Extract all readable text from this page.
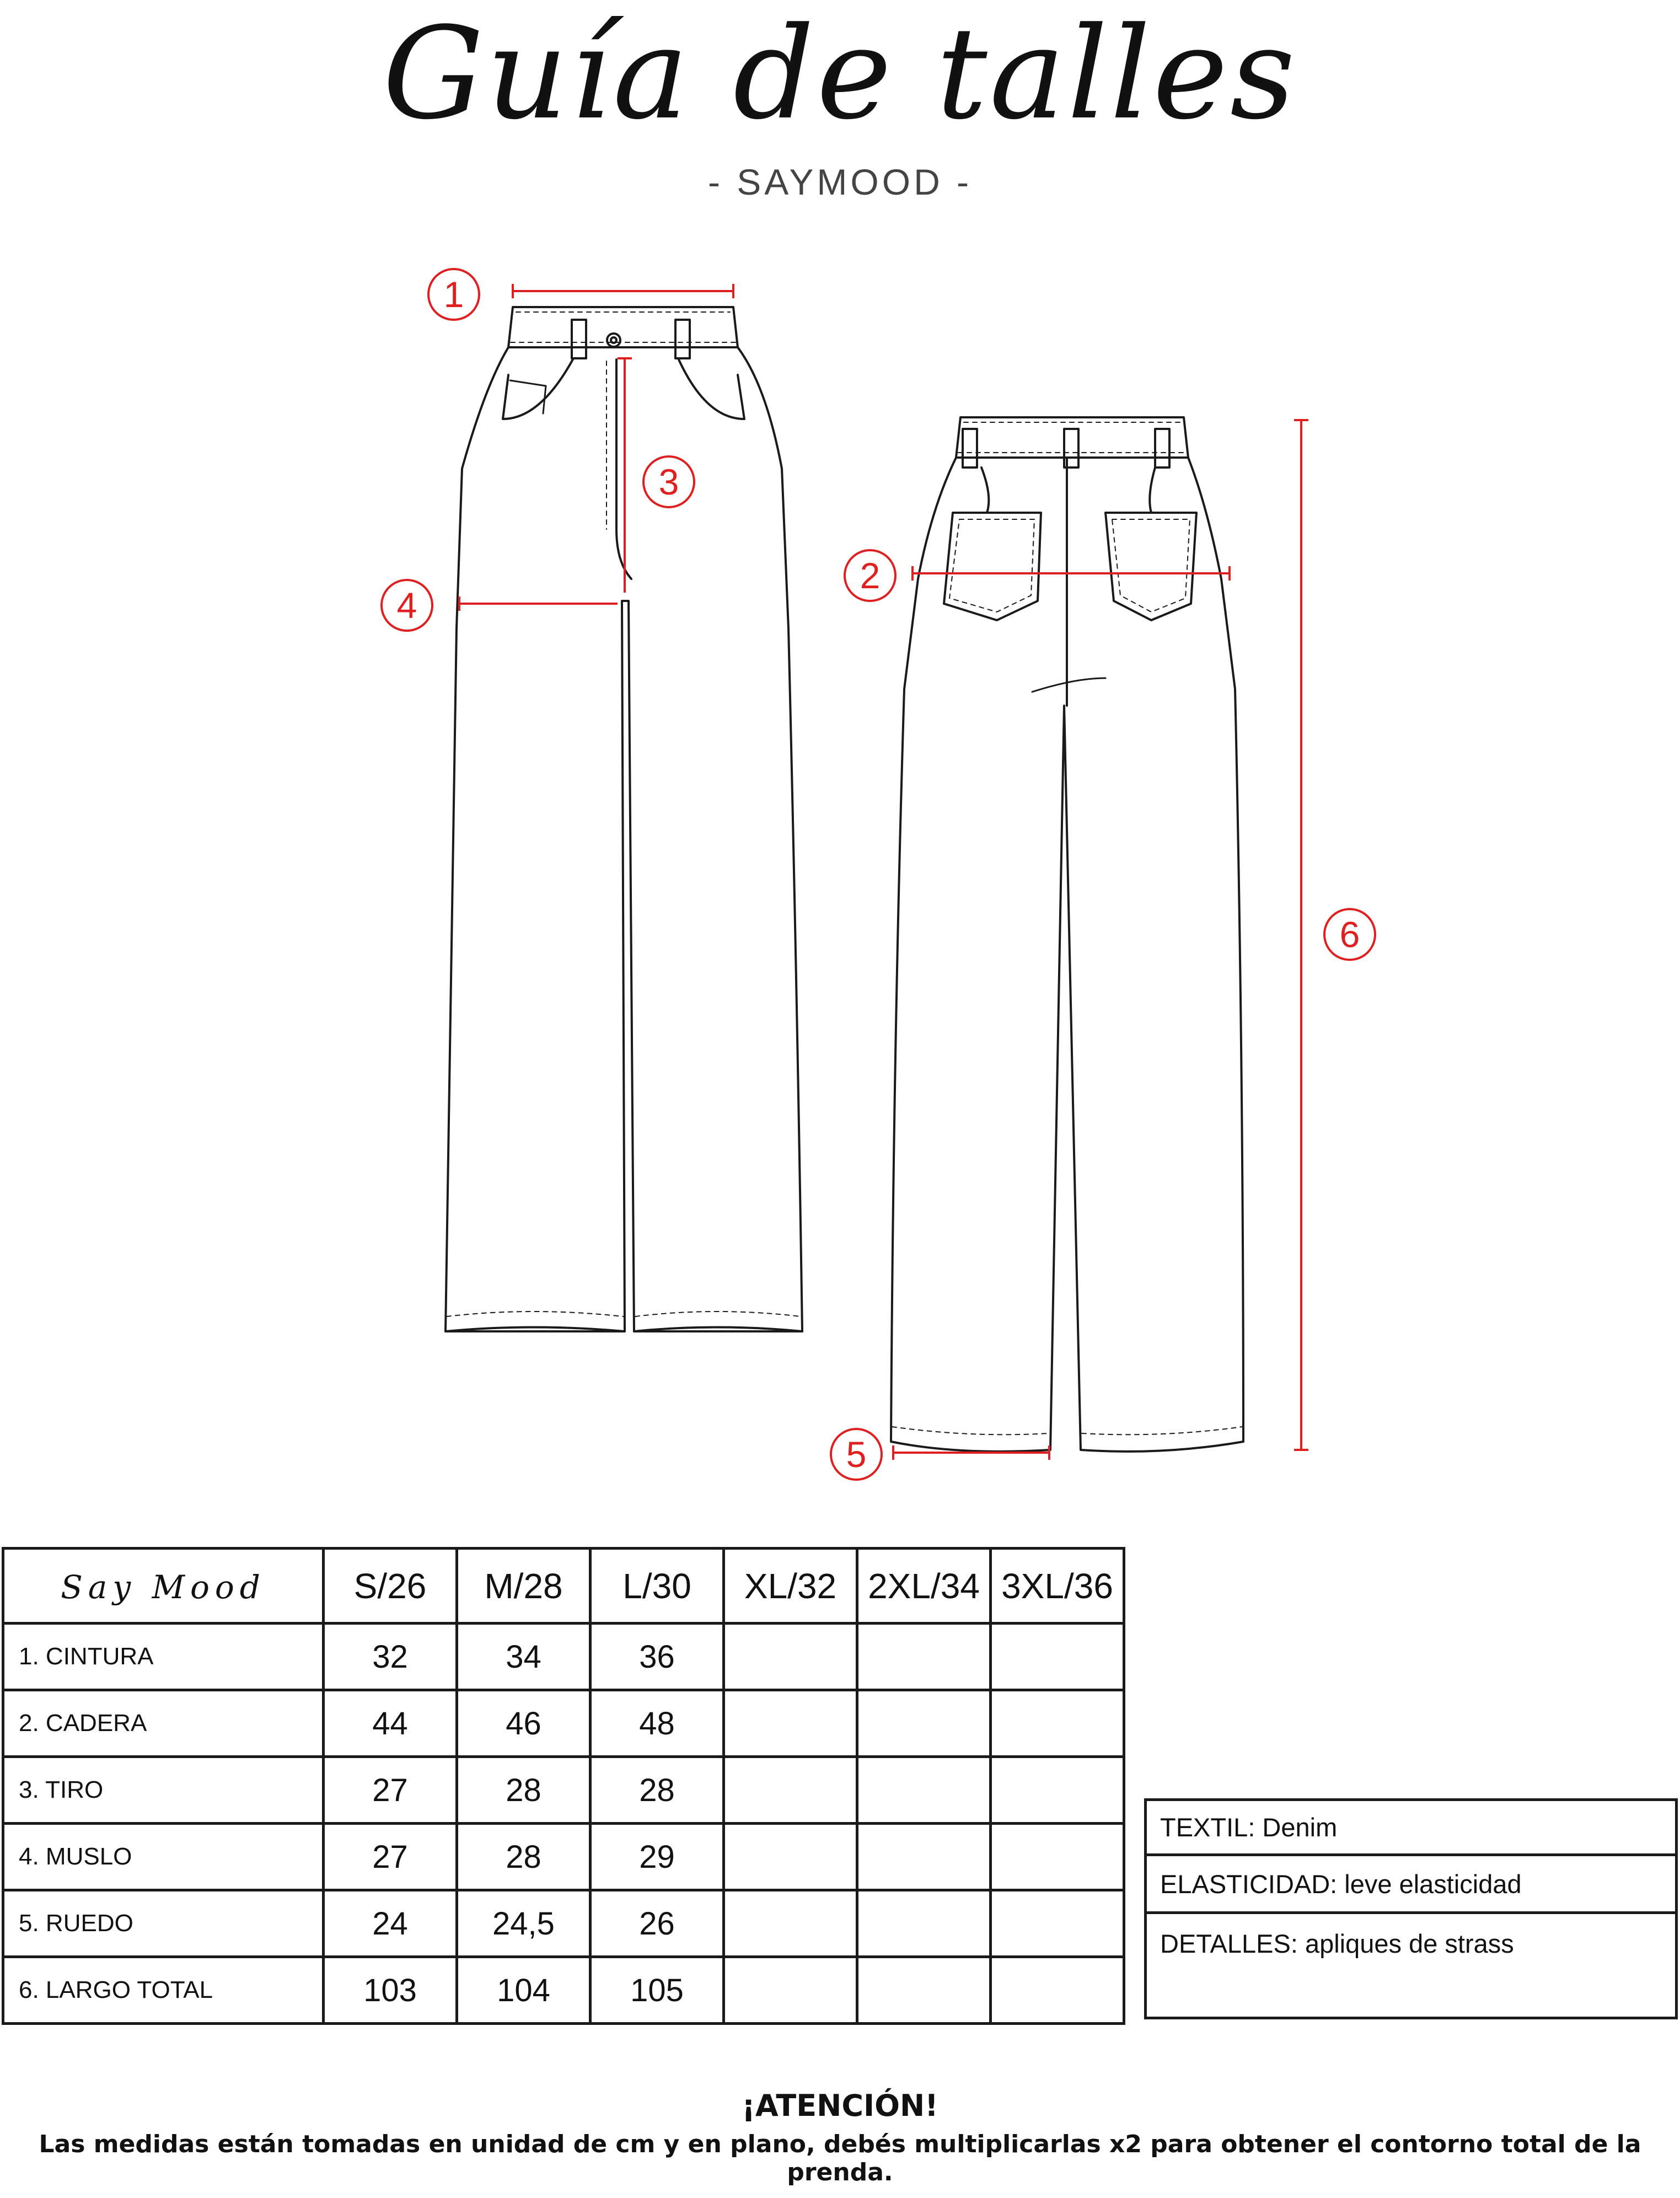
Guía de talles
- SAYMOOD -
1
2
3
4
5
6
Say Mood	S/26	M/28	L/30	XL/32	2XL/34	3XL/36
1. CINTURA	32	34	36			
2. CADERA	44	46	48			
3. TIRO	27	28	28			
4. MUSLO	27	28	29			
5. RUEDO	24	24,5	26			
6. LARGO TOTAL	103	104	105			
TEXTIL: Denim
ELASTICIDAD: leve elasticidad
DETALLES: apliques de strass
¡ATENCIÓN!
Las medidas están tomadas en unidad de cm y en plano, debés multiplicarlas x2 para obtener el contorno total de la prenda.
